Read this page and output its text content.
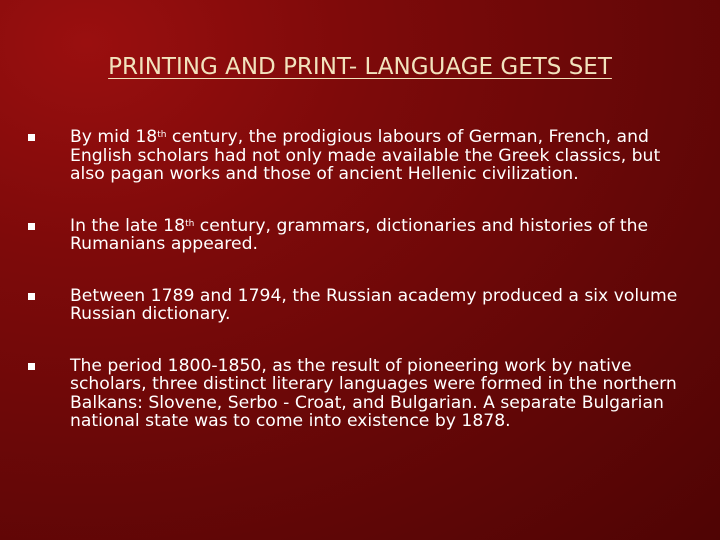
PRINTING AND PRINT- LANGUAGE GETS SET
By mid 18th century, the prodigious labours of German, French, and English scholars had not only made available the Greek classics, but also pagan works and those of ancient Hellenic civilization.
In the late 18th century, grammars, dictionaries and histories of the Rumanians appeared.
Between 1789 and 1794, the Russian academy produced a six volume Russian dictionary.
The period 1800-1850, as the result of pioneering work by native scholars, three distinct literary languages were formed in the northern Balkans: Slovene, Serbo - Croat, and Bulgarian. A separate Bulgarian national state was to come into existence by 1878.
